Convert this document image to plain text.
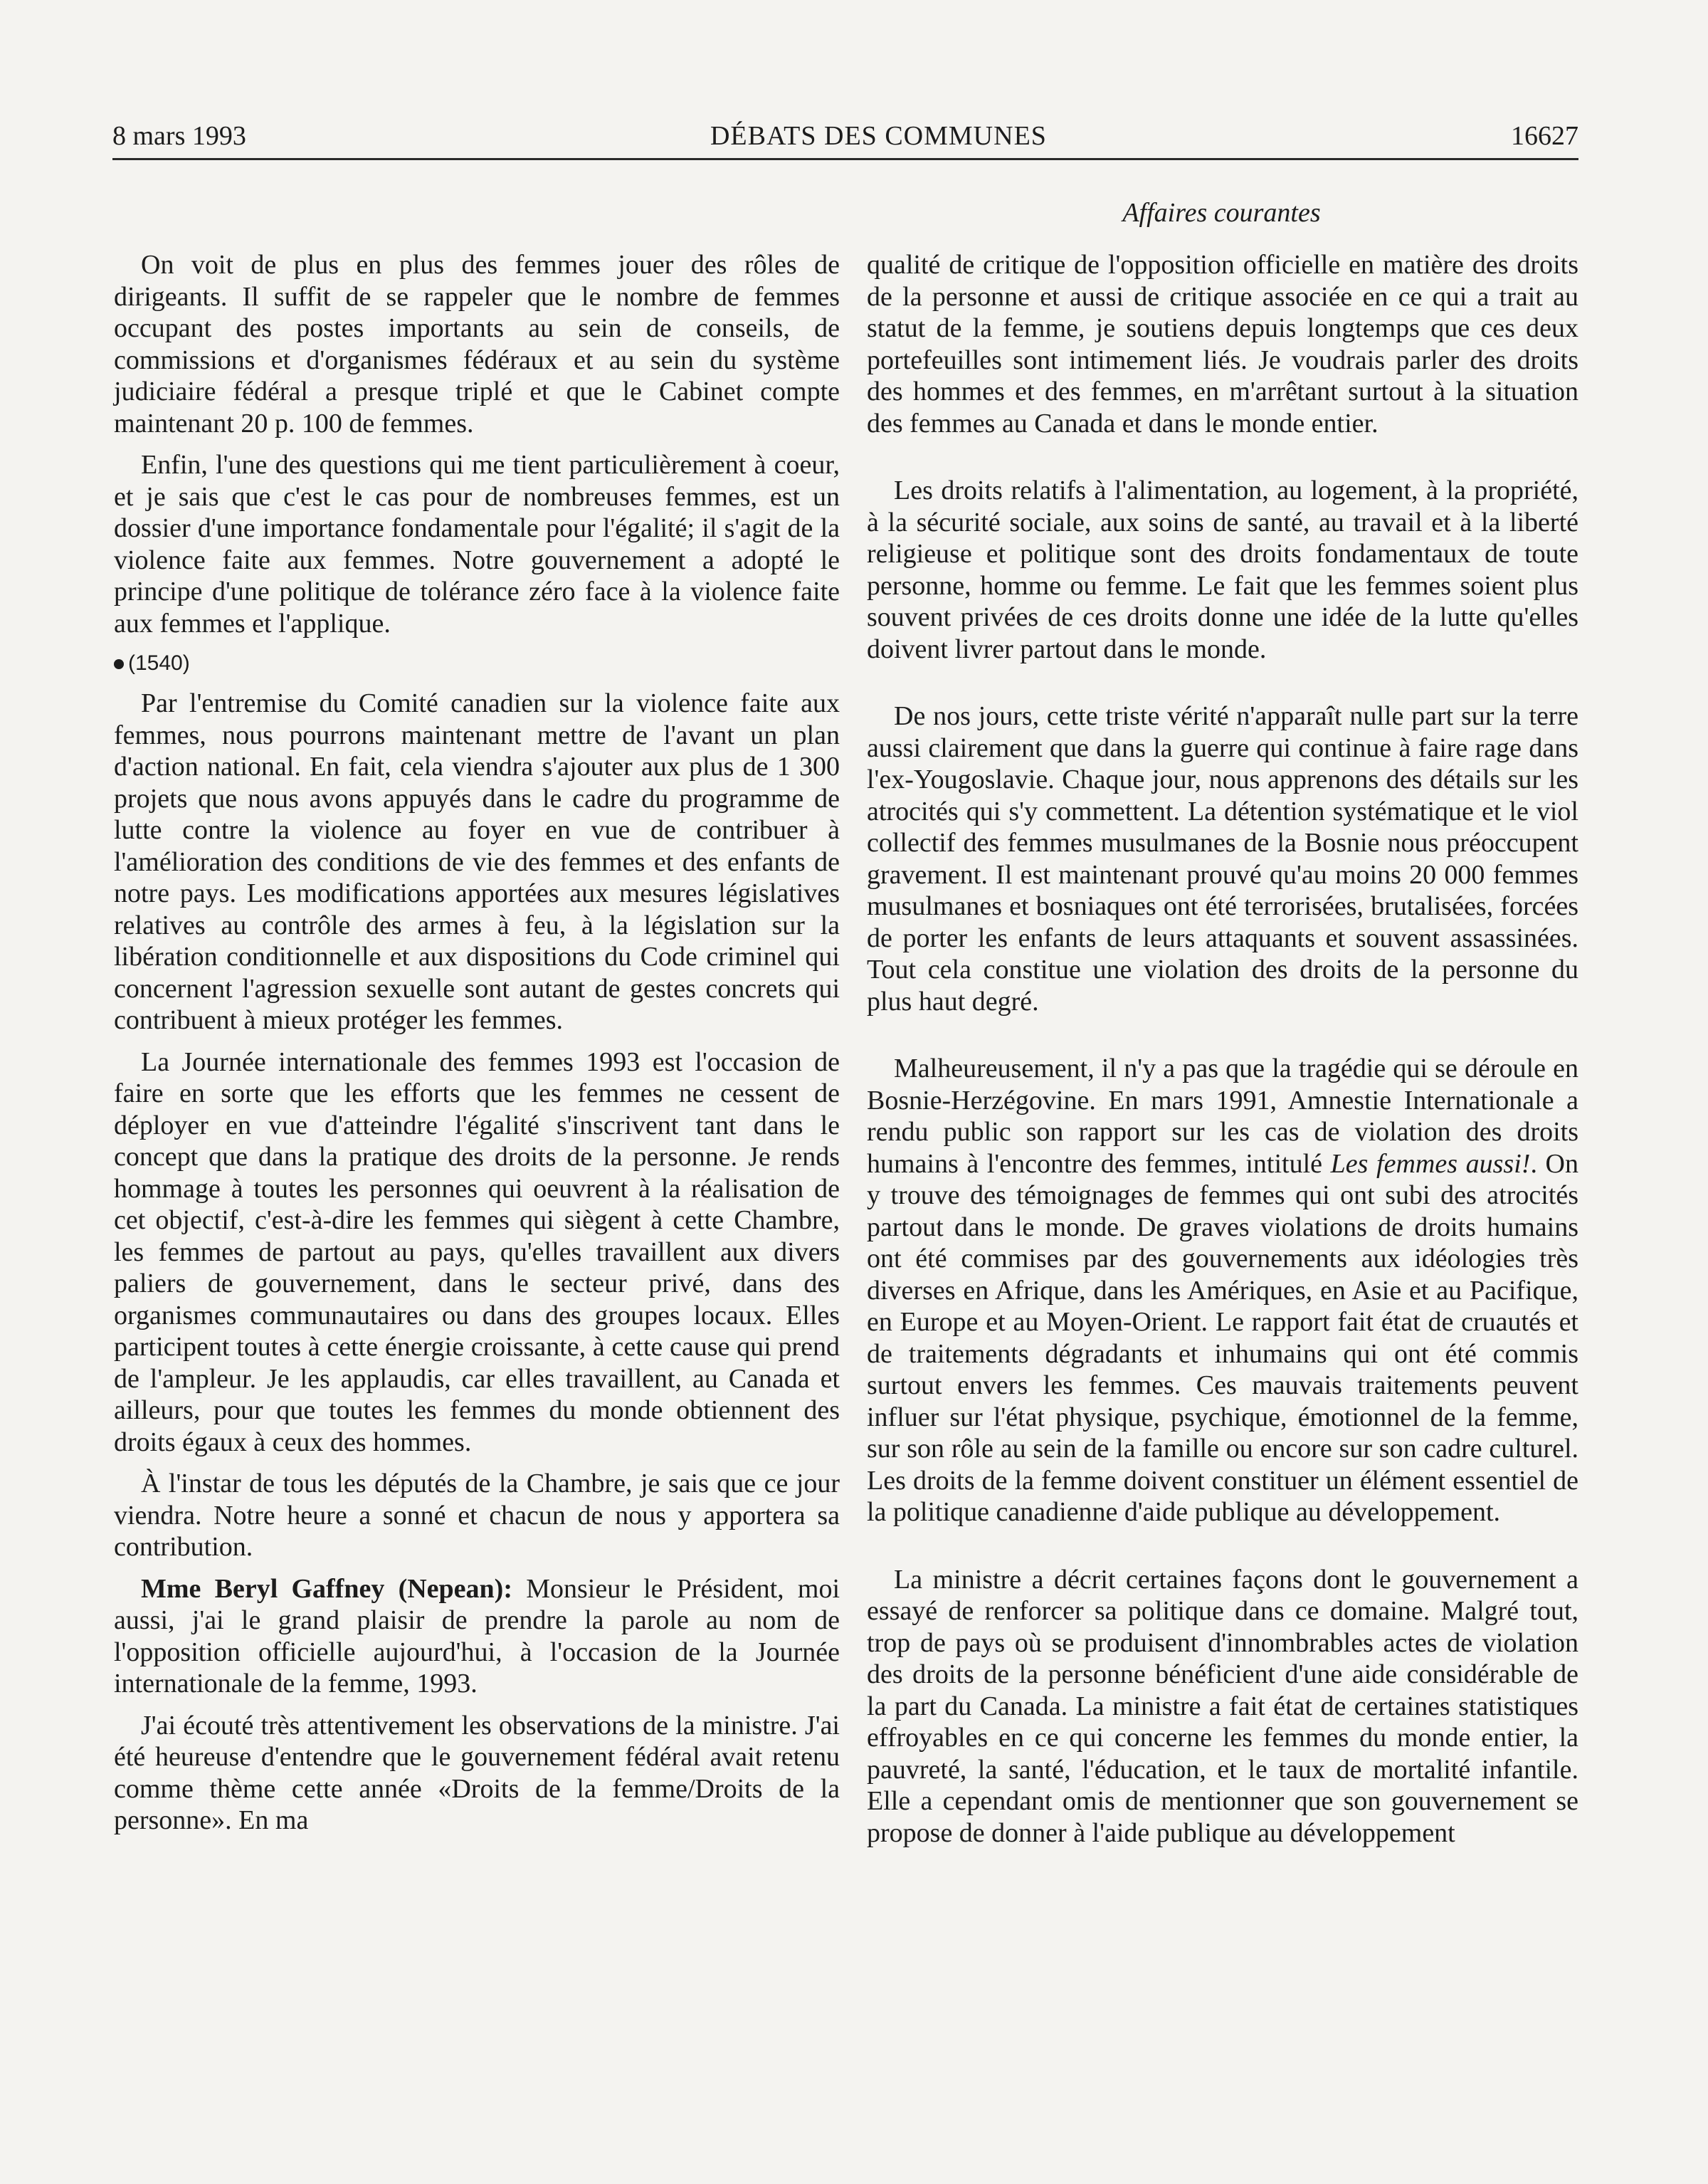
8 mars 1993	DÉBATS DES COMMUNES	16627
Affaires courantes

On voit de plus en plus des femmes jouer des rôles de dirigeants. Il suffit de se rappeler que le nombre de femmes occupant des postes importants au sein de conseils, de commissions et d'organismes fédéraux et au sein du système judiciaire fédéral a presque triplé et que le Cabinet compte maintenant 20 p. 100 de femmes.

Enfin, l'une des questions qui me tient particulièrement à coeur, et je sais que c'est le cas pour de nombreuses femmes, est un dossier d'une importance fondamentale pour l'égalité; il s'agit de la violence faite aux femmes. Notre gouvernement a adopté le principe d'une politique de tolérance zéro face à la violence faite aux femmes et l'applique.

(1540)

Par l'entremise du Comité canadien sur la violence faite aux femmes, nous pourrons maintenant mettre de l'avant un plan d'action national. En fait, cela viendra s'ajouter aux plus de 1 300 projets que nous avons appuyés dans le cadre du programme de lutte contre la violence au foyer en vue de contribuer à l'amélioration des conditions de vie des femmes et des enfants de notre pays. Les modifications apportées aux mesures législatives relatives au contrôle des armes à feu, à la législation sur la libération conditionnelle et aux dispositions du Code criminel qui concernent l'agression sexuelle sont autant de gestes concrets qui contribuent à mieux protéger les femmes.

La Journée internationale des femmes 1993 est l'occasion de faire en sorte que les efforts que les femmes ne cessent de déployer en vue d'atteindre l'égalité s'inscrivent tant dans le concept que dans la pratique des droits de la personne. Je rends hommage à toutes les personnes qui oeuvrent à la réalisation de cet objectif, c'est-à-dire les femmes qui siègent à cette Chambre, les femmes de partout au pays, qu'elles travaillent aux divers paliers de gouvernement, dans le secteur privé, dans des organismes communautaires ou dans des groupes locaux. Elles participent toutes à cette énergie croissante, à cette cause qui prend de l'ampleur. Je les applaudis, car elles travaillent, au Canada et ailleurs, pour que toutes les femmes du monde obtiennent des droits égaux à ceux des hommes.

À l'instar de tous les députés de la Chambre, je sais que ce jour viendra. Notre heure a sonné et chacun de nous y apportera sa contribution.

Mme Beryl Gaffney (Nepean): Monsieur le Président, moi aussi, j'ai le grand plaisir de prendre la parole au nom de l'opposition officielle aujourd'hui, à l'occasion de la Journée internationale de la femme, 1993.

J'ai écouté très attentivement les observations de la ministre. J'ai été heureuse d'entendre que le gouvernement fédéral avait retenu comme thème cette année «Droits de la femme/Droits de la personne». En ma

qualité de critique de l'opposition officielle en matière des droits de la personne et aussi de critique associée en ce qui a trait au statut de la femme, je soutiens depuis longtemps que ces deux portefeuilles sont intimement liés. Je voudrais parler des droits des hommes et des femmes, en m'arrêtant surtout à la situation des femmes au Canada et dans le monde entier.

Les droits relatifs à l'alimentation, au logement, à la propriété, à la sécurité sociale, aux soins de santé, au travail et à la liberté religieuse et politique sont des droits fondamentaux de toute personne, homme ou femme. Le fait que les femmes soient plus souvent privées de ces droits donne une idée de la lutte qu'elles doivent livrer partout dans le monde.

De nos jours, cette triste vérité n'apparaît nulle part sur la terre aussi clairement que dans la guerre qui continue à faire rage dans l'ex-Yougoslavie. Chaque jour, nous apprenons des détails sur les atrocités qui s'y commettent. La détention systématique et le viol collectif des femmes musulmanes de la Bosnie nous préoccupent gravement. Il est maintenant prouvé qu'au moins 20 000 femmes musulmanes et bosniaques ont été terrorisées, brutalisées, forcées de porter les enfants de leurs attaquants et souvent assassinées. Tout cela constitue une violation des droits de la personne du plus haut degré.

Malheureusement, il n'y a pas que la tragédie qui se déroule en Bosnie-Herzégovine. En mars 1991, Amnestie Internationale a rendu public son rapport sur les cas de violation des droits humains à l'encontre des femmes, intitulé Les femmes aussi!. On y trouve des témoignages de femmes qui ont subi des atrocités partout dans le monde. De graves violations de droits humains ont été commises par des gouvernements aux idéologies très diverses en Afrique, dans les Amériques, en Asie et au Pacifique, en Europe et au Moyen-Orient. Le rapport fait état de cruautés et de traitements dégradants et inhumains qui ont été commis surtout envers les femmes. Ces mauvais traitements peuvent influer sur l'état physique, psychique, émotionnel de la femme, sur son rôle au sein de la famille ou encore sur son cadre culturel. Les droits de la femme doivent constituer un élément essentiel de la politique canadienne d'aide publique au développement.

La ministre a décrit certaines façons dont le gouvernement a essayé de renforcer sa politique dans ce domaine. Malgré tout, trop de pays où se produisent d'innombrables actes de violation des droits de la personne bénéficient d'une aide considérable de la part du Canada. La ministre a fait état de certaines statistiques effroyables en ce qui concerne les femmes du monde entier, la pauvreté, la santé, l'éducation, et le taux de mortalité infantile. Elle a cependant omis de mentionner que son gouvernement se propose de donner à l'aide publique au développement
